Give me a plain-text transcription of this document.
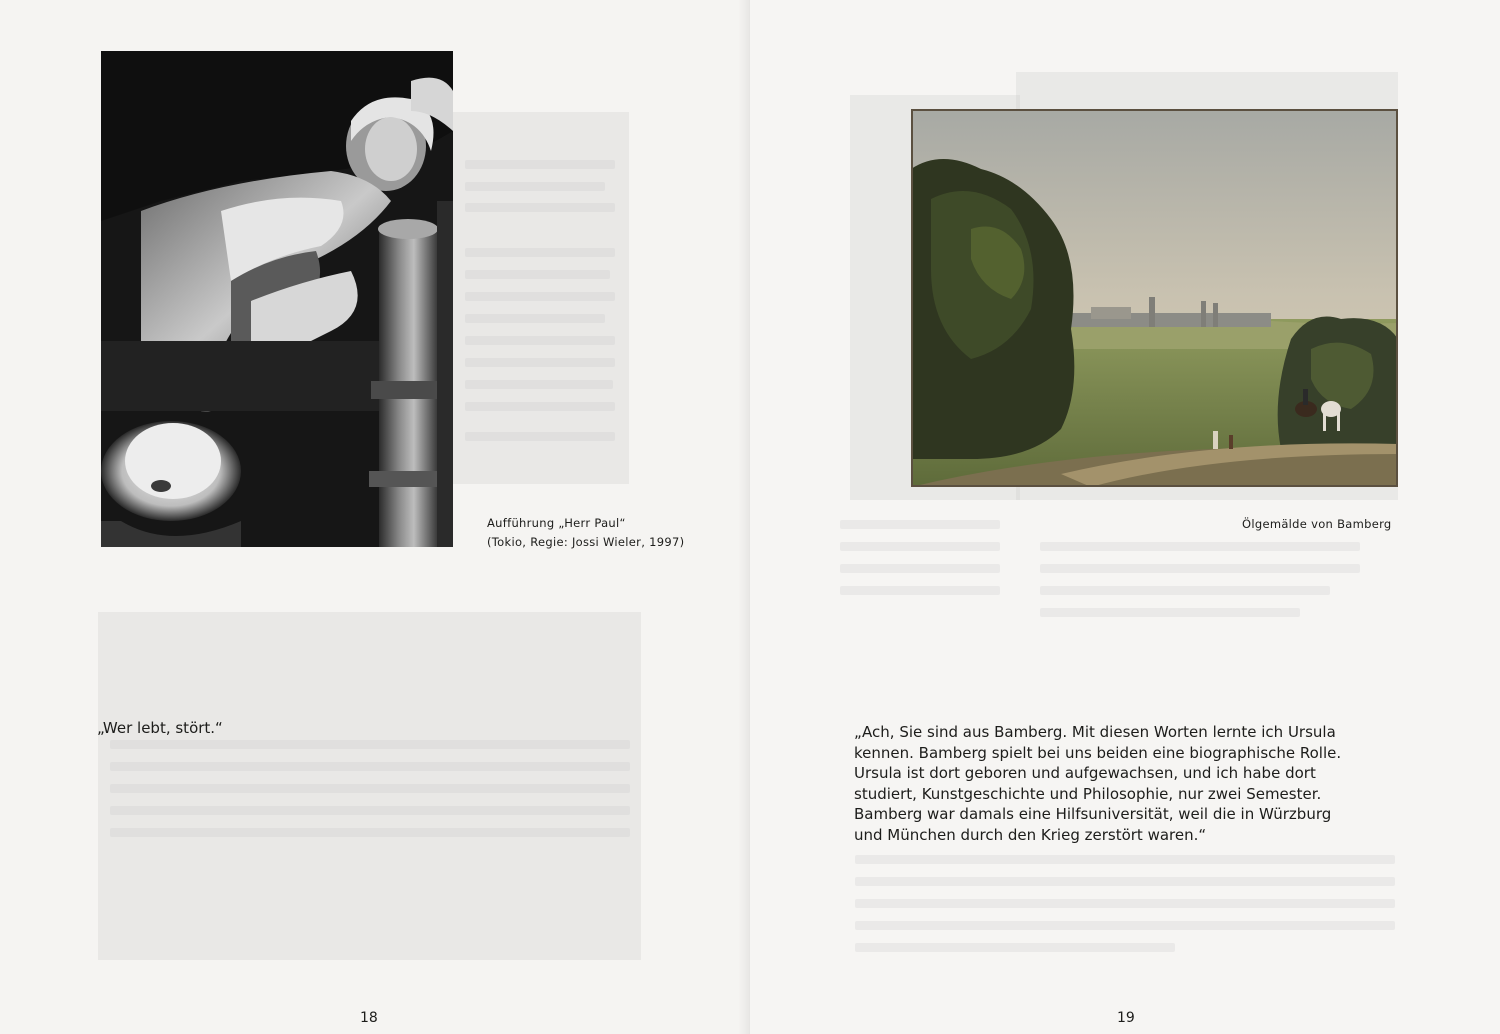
Aufführung „Herr Paul“
(Tokio, Regie: Jossi Wieler, 1997)
„Wer lebt, stört.“
18
Ölgemälde von Bamberg
„Ach, Sie sind aus Bamberg. Mit diesen Worten lernte ich Ursula
kennen. Bamberg spielt bei uns beiden eine biographische Rolle.
Ursula ist dort geboren und aufgewachsen, und ich habe dort
studiert, Kunstgeschichte und Philosophie, nur zwei Semester.
Bamberg war damals eine Hilfsuniversität, weil die in Würzburg
und München durch den Krieg zerstört waren.“
19
